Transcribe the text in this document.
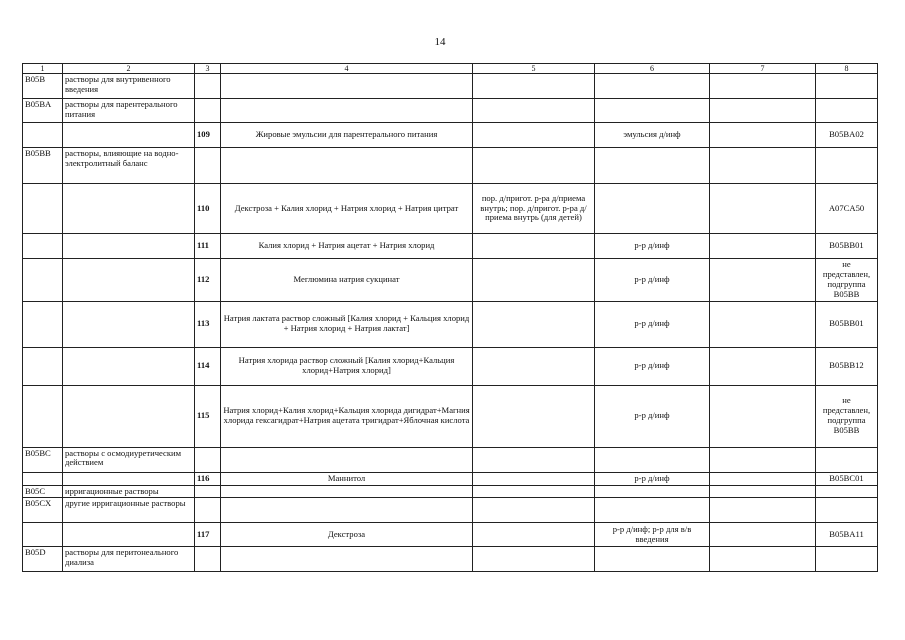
14
1	2	3	4	5	6	7	8
B05B	растворы для внутривенного введения						
B05BA	растворы для парентерального питания						
		109	Жировые эмульсии для парентерального питания		эмульсия д/инф		B05BA02
B05BB	растворы, влияющие на водно-электролитный баланс						
		110	Декстроза + Калия хлорид + Натрия хлорид + Натрия цитрат	пор. д/пригот. р-ра д/приема внутрь; пор. д/пригот. р-ра д/приема внутрь (для детей)			A07CA50
		111	Калия хлорид + Натрия ацетат + Натрия хлорид		р-р д/инф		B05BB01
		112	Меглюмина натрия сукцинат		р-р д/инф		не представлен, подгруппа B05BB
		113	Натрия лактата раствор сложный [Калия хлорид + Кальция хлорид + Натрия хлорид + Натрия лактат]		р-р д/инф		B05BB01
		114	Натрия хлорида раствор сложный [Калия хлорид+Кальция хлорид+Натрия хлорид]		р-р д/инф		B05BB12
		115	Натрия хлорид+Калия хлорид+Кальция хлорида дигидрат+Магния хлорида гексагидрат+Натрия ацетата тригидрат+Яблочная кислота		р-р д/инф		не представлен, подгруппа B05BB
B05BC	растворы с осмодиуретическим действием						
		116	Маннитол		р-р д/инф		B05BC01
B05C	ирригационные растворы						
B05CX	другие ирригационные растворы						
		117	Декстроза		р-р д/инф; р-р для в/в введения		B05BA11
B05D	растворы для перитонеального диализа						
